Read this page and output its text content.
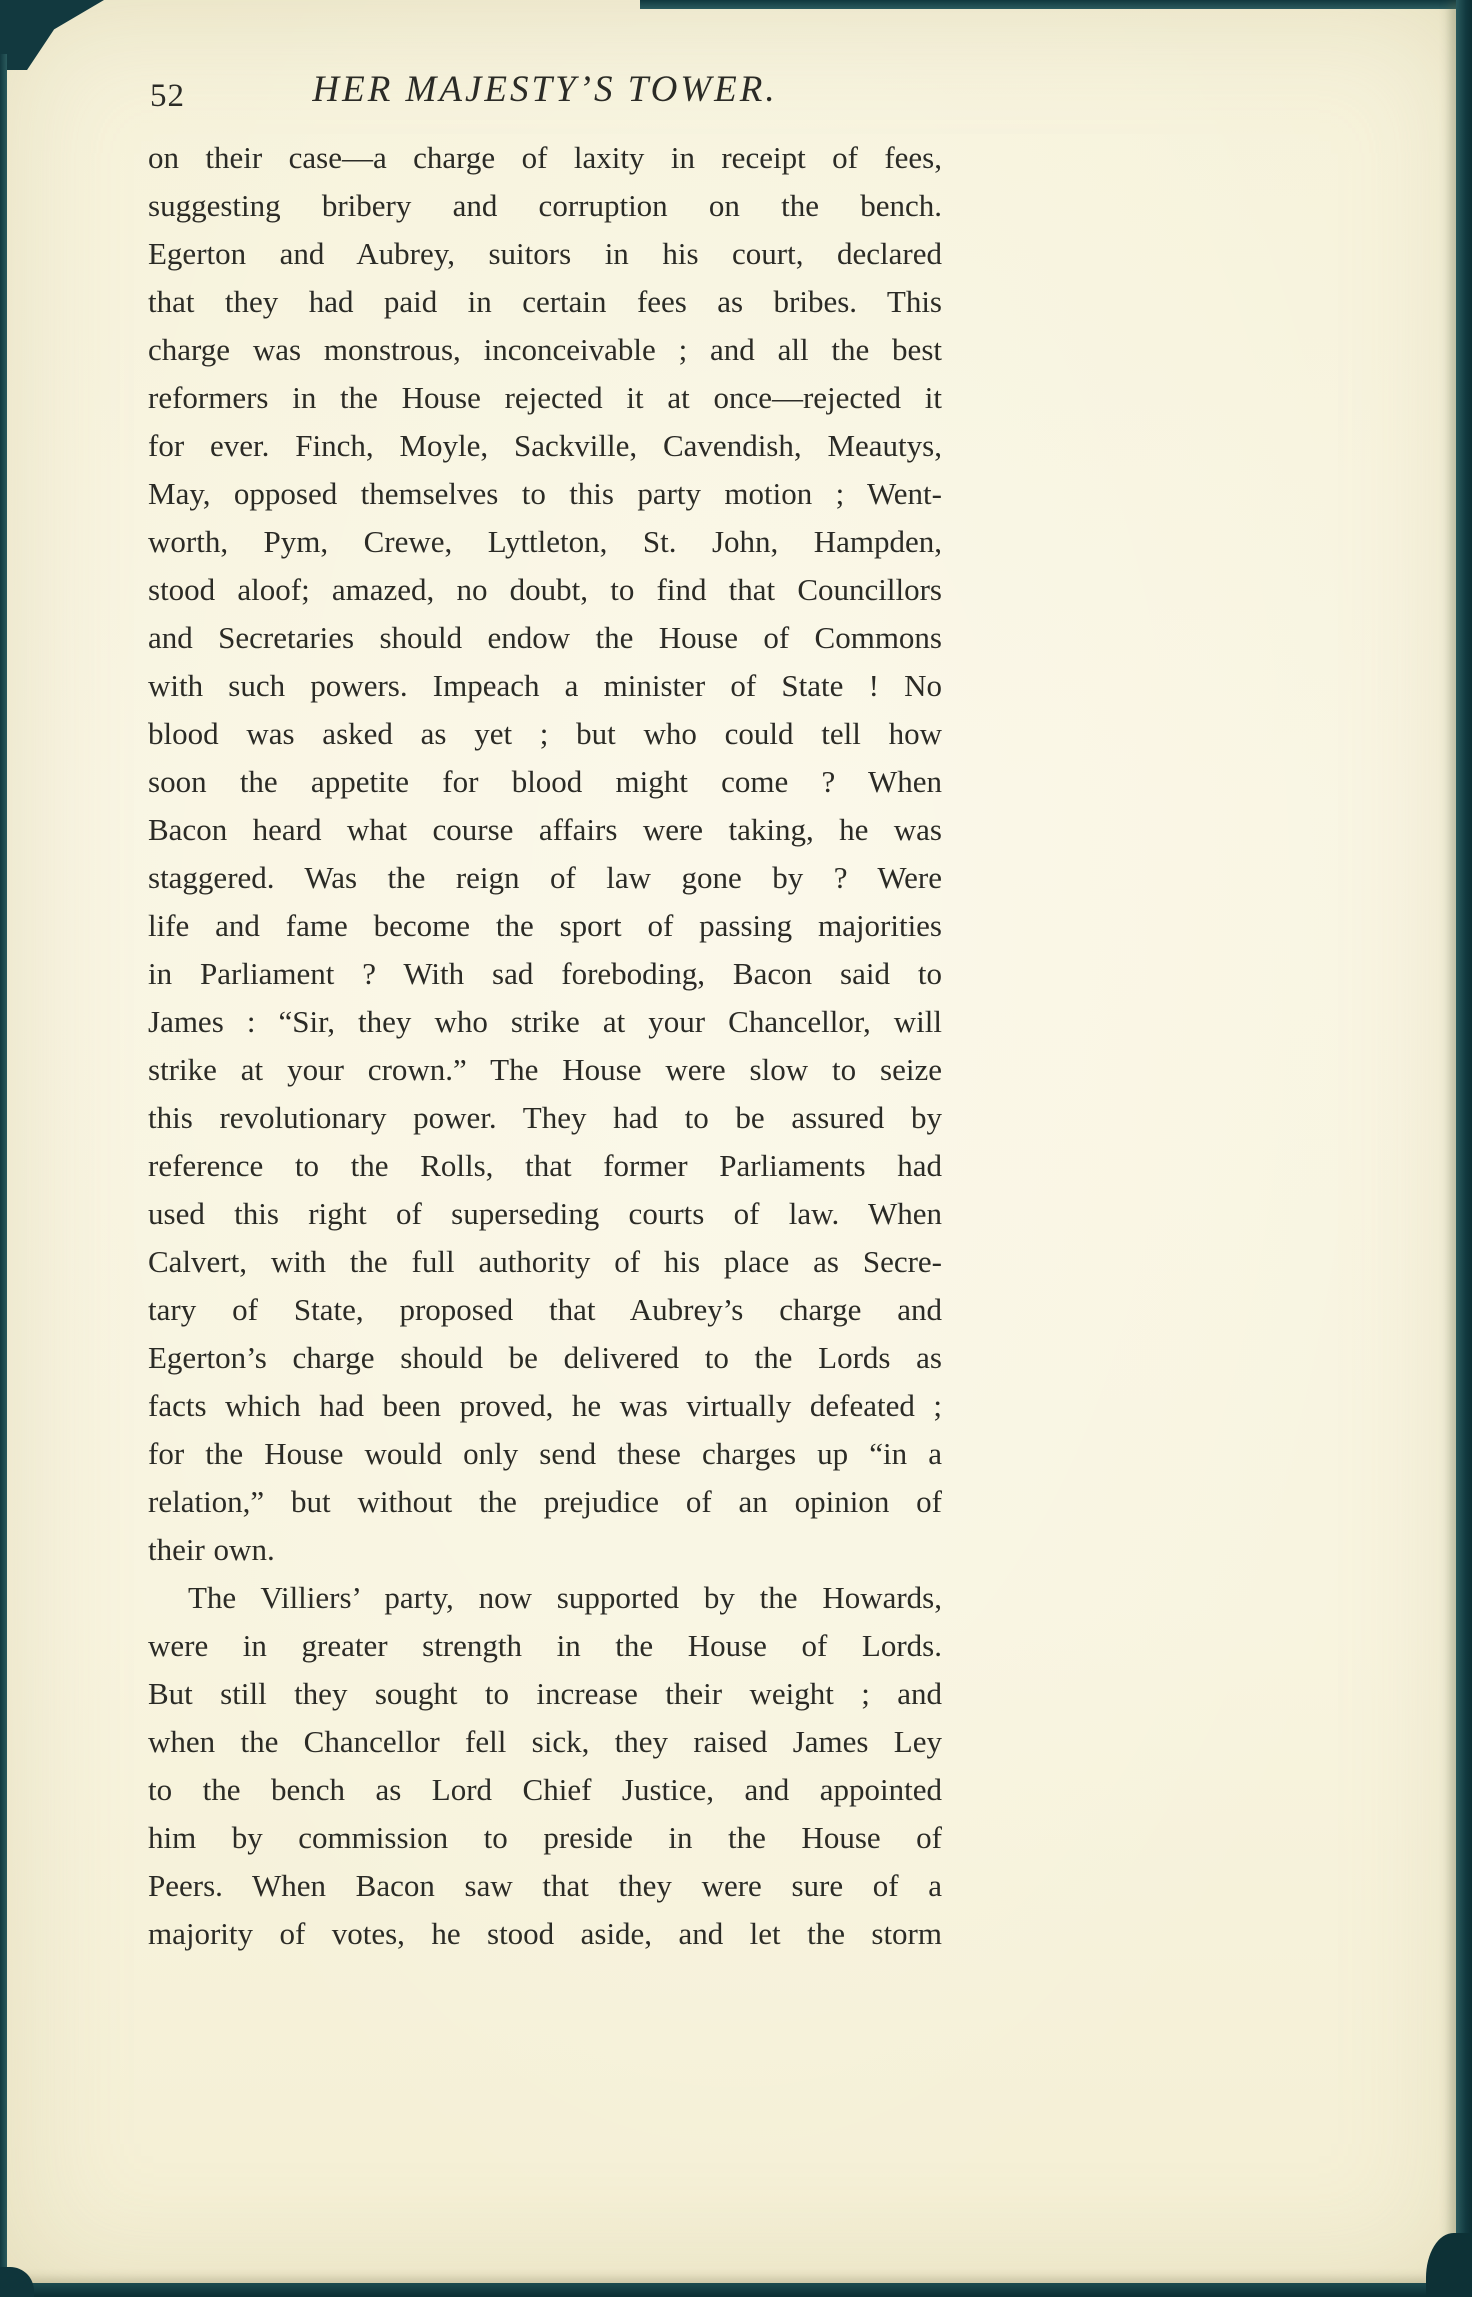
52	HER MAJESTY’S TOWER.
on their case—a charge of laxity in receipt of fees,
suggesting bribery and corruption on the bench.
Egerton and Aubrey, suitors in his court, declared
that they had paid in certain fees as bribes. This
charge was monstrous, inconceivable ; and all the best
reformers in the House rejected it at once—rejected it
for ever. Finch, Moyle, Sackville, Cavendish, Meautys,
May, opposed themselves to this party motion ; Went-
worth, Pym, Crewe, Lyttleton, St. John, Hampden,
stood aloof; amazed, no doubt, to find that Councillors
and Secretaries should endow the House of Commons
with such powers. Impeach a minister of State ! No
blood was asked as yet ; but who could tell how
soon the appetite for blood might come ? When
Bacon heard what course affairs were taking, he was
staggered. Was the reign of law gone by ? Were
life and fame become the sport of passing majorities
in Parliament ? With sad foreboding, Bacon said to
James : “Sir, they who strike at your Chancellor, will
strike at your crown.” The House were slow to seize
this revolutionary power. They had to be assured by
reference to the Rolls, that former Parliaments had
used this right of superseding courts of law. When
Calvert, with the full authority of his place as Secre-
tary of State, proposed that Aubrey’s charge and
Egerton’s charge should be delivered to the Lords as
facts which had been proved, he was virtually defeated ;
for the House would only send these charges up “in a
relation,” but without the prejudice of an opinion of
their own.
The Villiers’ party, now supported by the Howards,
were in greater strength in the House of Lords.
But still they sought to increase their weight ; and
when the Chancellor fell sick, they raised James Ley
to the bench as Lord Chief Justice, and appointed
him by commission to preside in the House of
Peers. When Bacon saw that they were sure of a
majority of votes, he stood aside, and let the storm
